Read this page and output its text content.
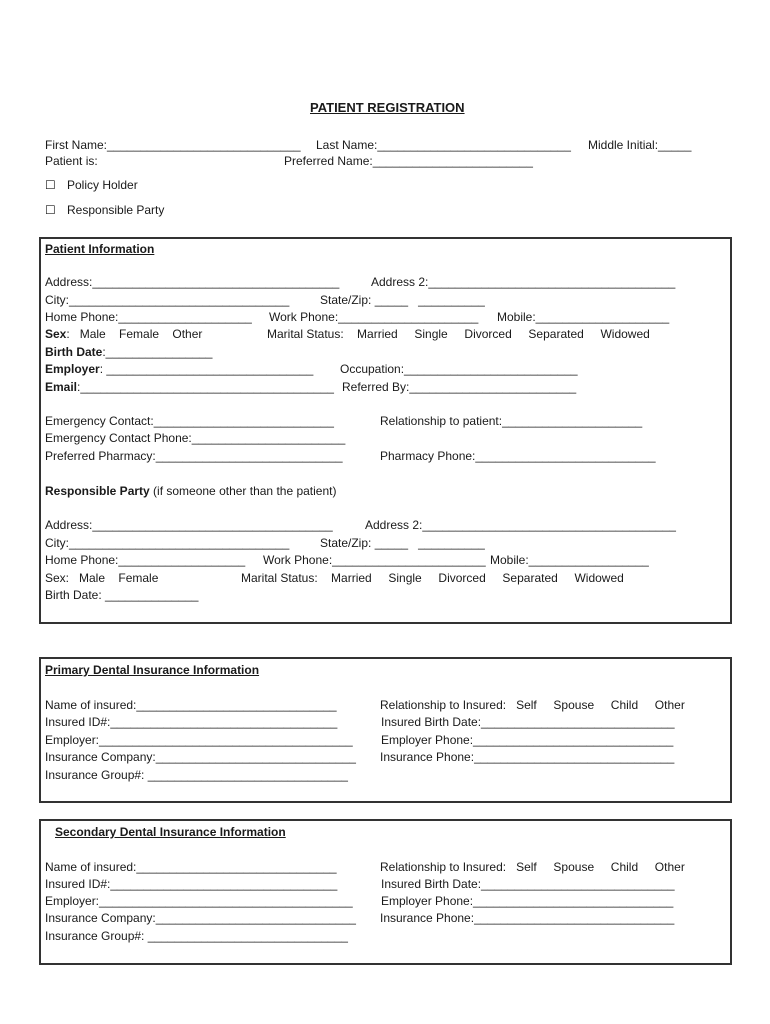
PATIENT REGISTRATION
First Name:_____________________________ Last Name:_____________________________ Middle Initial:_____
Patient is:	Preferred Name:________________________
☐ Policy Holder
☐ Responsible Party
Patient Information
Address:_____________________________________	Address 2:_____________________________________
City:_________________________________	State/Zip: _____   __________
Home Phone:____________________ Work Phone:_____________________ Mobile:____________________
Sex:   Male    Female    Other	Marital Status:    Married     Single     Divorced     Separated     Widowed
Birth Date:________________
Employer: _______________________________ Occupation:__________________________
Email:______________________________________ Referred By:_________________________
Emergency Contact:___________________________	Relationship to patient:_____________________
Emergency Contact Phone:_______________________
Preferred Pharmacy:____________________________	Pharmacy Phone:___________________________
Responsible Party (if someone other than the patient)
Address:____________________________________	Address 2:______________________________________
City:_________________________________	State/Zip: _____   __________
Home Phone:___________________ Work Phone:_______________________ Mobile:__________________
Sex:   Male    Female	Marital Status:    Married     Single     Divorced     Separated     Widowed
Birth Date: ______________
Primary Dental Insurance Information
Name of insured:______________________________	Relationship to Insured:   Self     Spouse     Child     Other
Insured ID#:__________________________________	Insured Birth Date:_____________________________
Employer:______________________________________ Employer Phone:______________________________
Insurance Company:______________________________ Insurance Phone:______________________________
Insurance Group#: ______________________________
Secondary Dental Insurance Information
Name of insured:______________________________	Relationship to Insured:   Self     Spouse     Child     Other
Insured ID#:__________________________________	Insured Birth Date:_____________________________
Employer:______________________________________ Employer Phone:______________________________
Insurance Company:______________________________ Insurance Phone:______________________________
Insurance Group#: ______________________________
